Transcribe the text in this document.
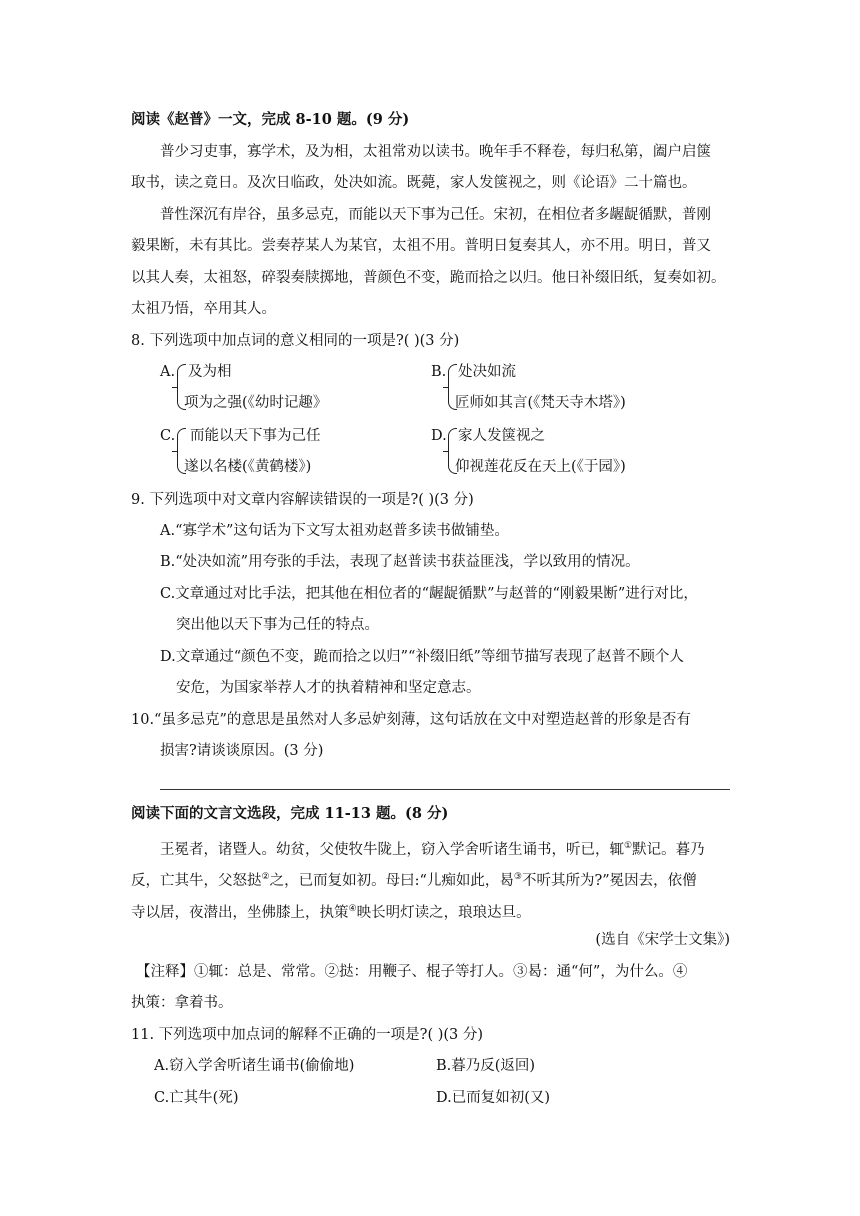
阅读《赵普》一文，完成 8-10 题。(9 分)
普少习吏事，寡学术，及为相，太祖常劝以读书。晚年手不释卷，每归私第，阖户启箧
取书，读之竟日。及次日临政，处决如流。既薨，家人发箧视之，则《论语》二十篇也。
普性深沉有岸谷，虽多忌克，而能以天下事为己任。宋初，在相位者多龌龊循默，普刚
毅果断，未有其比。尝奏荐某人为某官，太祖不用。普明日复奏其人，亦不用。明日，普又
以其人奏，太祖怒，碎裂奏牍掷地，普颜色不变，跪而拾之以归。他日补缀旧纸，复奏如初。
太祖乃悟，卒用其人。
8. 下列选项中加点词的意义相同的一项是?( )(3 分)
A. 及为相
项为之强(《幼时记趣》
B. 处决如流
匠师如其言(《梵天寺木塔》)
C. 而能以天下事为己任
遂以名楼(《黄鹤楼》)
D. 家人发箧视之
仰视莲花反在天上(《于园》)
9. 下列选项中对文章内容解读错误的一项是?( )(3 分)
A.“寡学术”这句话为下文写太祖劝赵普多读书做铺垫。
B.“处决如流”用夸张的手法，表现了赵普读书获益匪浅，学以致用的情况。
C.文章通过对比手法，把其他在相位者的“龌龊循默”与赵普的“刚毅果断”进行对比，
突出他以天下事为己任的特点。
D.文章通过“颜色不变，跪而拾之以归”“补缀旧纸”等细节描写表现了赵普不顾个人
安危，为国家举荐人才的执着精神和坚定意志。
10.“虽多忌克”的意思是虽然对人多忌妒刻薄，这句话放在文中对塑造赵普的形象是否有
损害?请谈谈原因。(3 分)
阅读下面的文言文选段，完成 11-13 题。(8 分)
王冕者，诸暨人。幼贫，父使牧牛陇上，窃入学舍听诸生诵书，听已，辄①默记。暮乃
反，亡其牛，父怒挞②之，已而复如初。母曰:“儿痴如此，曷③不听其所为?”冕因去，依僧
寺以居，夜潜出，坐佛膝上，执策④映长明灯读之，琅琅达旦。
(选自《宋学士文集》)
【注释】①辄：总是、常常。②挞：用鞭子、棍子等打人。③曷：通“何”，为什么。④
执策：拿着书。
11. 下列选项中加点词的解释不正确的一项是?( )(3 分)
A.窃入学舍听诸生诵书(偷偷地)	B.暮乃反(返回)
C.亡其牛(死)	D.已而复如初(又)
